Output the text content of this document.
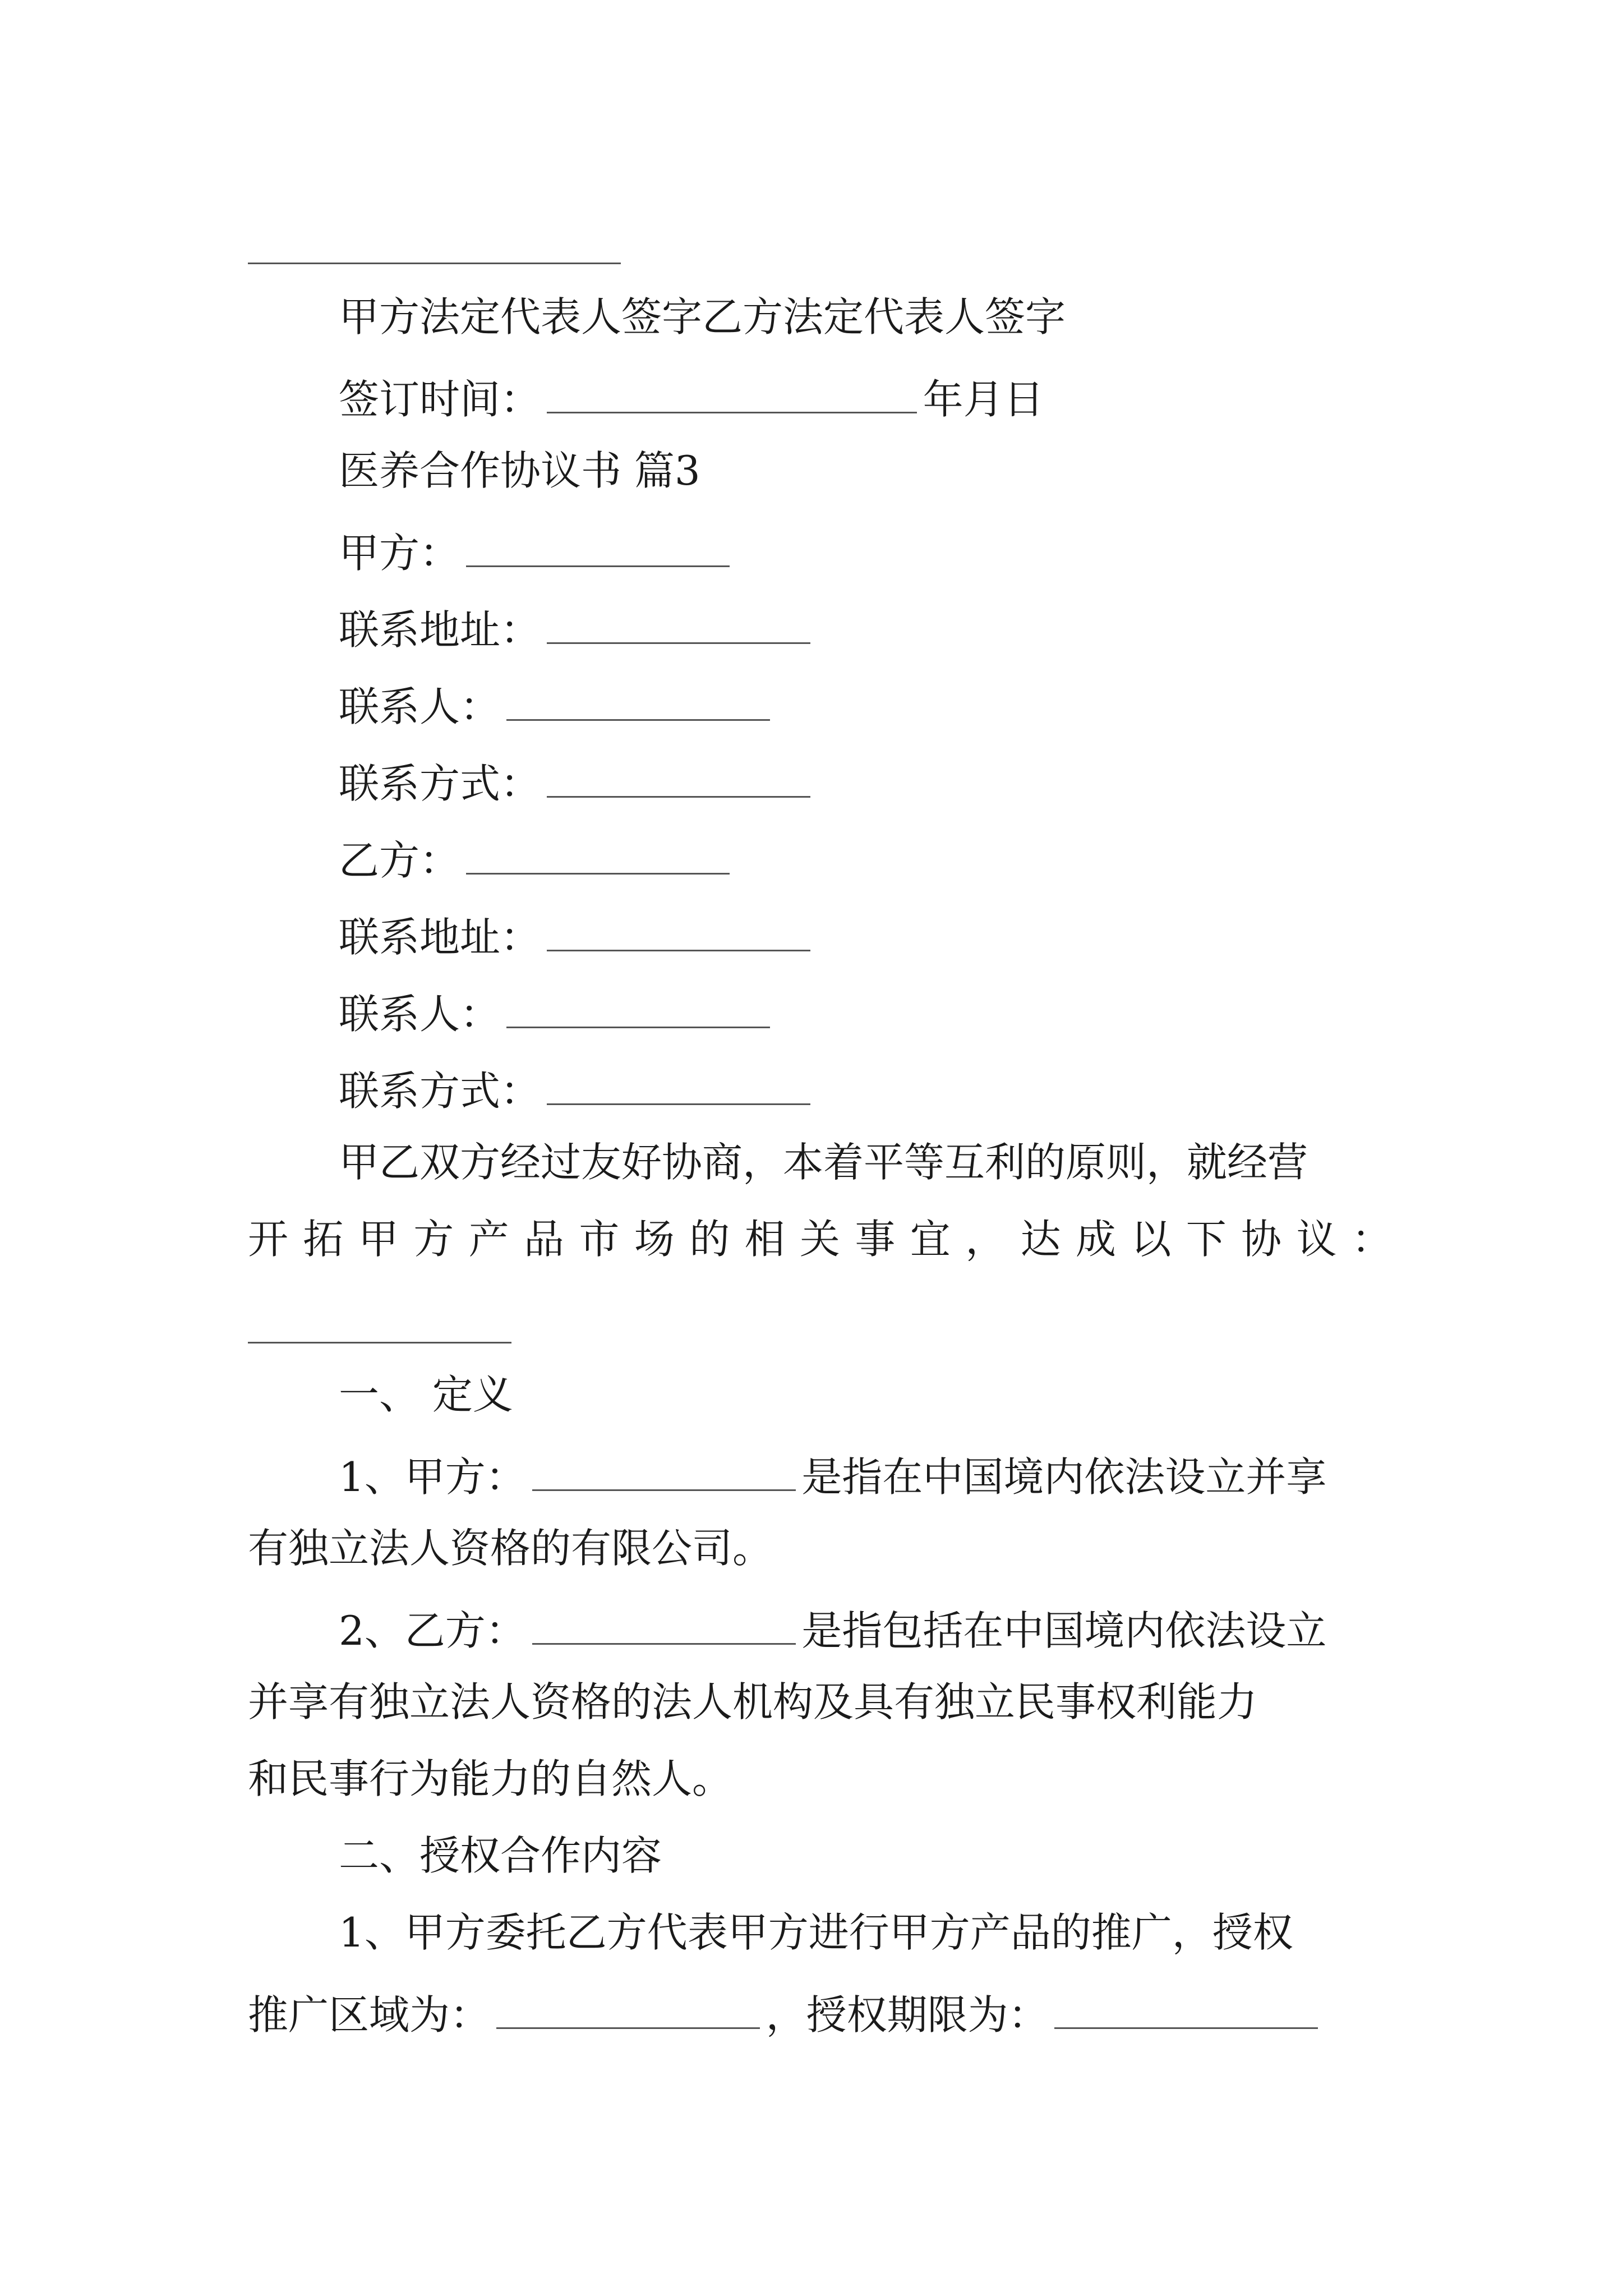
甲方法定代表人签字乙方法定代表人签字
签订时间：	年月日
医养合作协议书 篇3
甲方：
联系地址：
联系人：
联系方式：
乙方：
联系地址：
联系人：
联系方式：
甲乙双方经过友好协商，本着平等互利的原则，就经营
开拓甲方产品市场的相关事宜，达成以下协议：
一、 定义
1、甲方：	是指在中国境内依法设立并享
有独立法人资格的有限公司。
2、乙方：	是指包括在中国境内依法设立
并享有独立法人资格的法人机构及具有独立民事权利能力
和民事行为能力的自然人。
二、授权合作内容
1、甲方委托乙方代表甲方进行甲方产品的推广，授权
推广区域为：	，授权期限为：
